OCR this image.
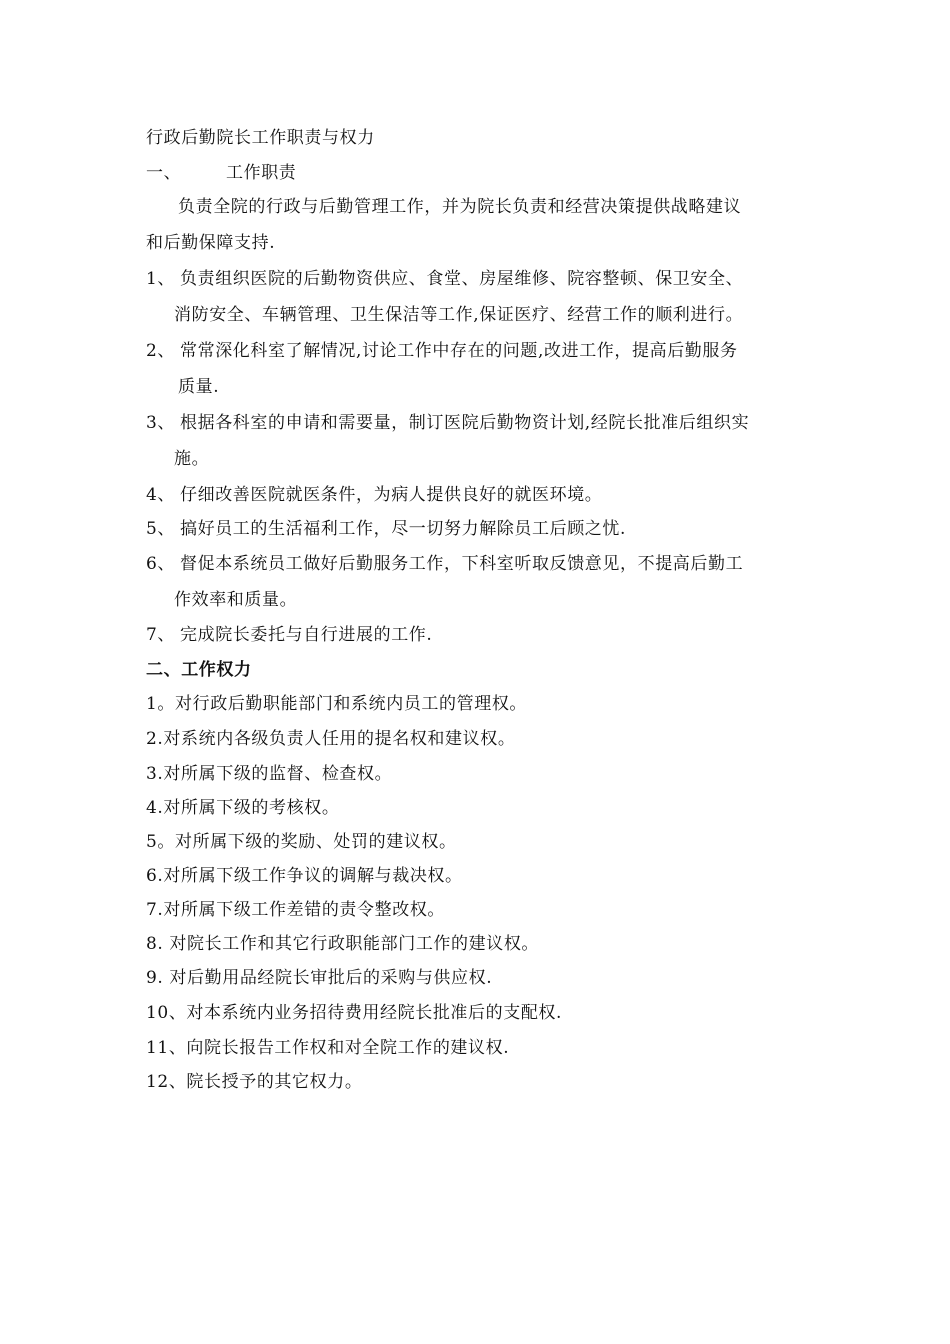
行政后勤院长工作职责与权力
一、	工作职责
负责全院的行政与后勤管理工作，并为院长负责和经营决策提供战略建议
和后勤保障支持.
1、 负责组织医院的后勤物资供应、食堂、房屋维修、院容整顿、保卫安全、
消防安全、车辆管理、卫生保洁等工作,保证医疗、经营工作的顺利进行。
2、 常常深化科室了解情况,讨论工作中存在的问题,改进工作，提高后勤服务
质量.
3、 根据各科室的申请和需要量，制订医院后勤物资计划,经院长批准后组织实
施。
4、 仔细改善医院就医条件，为病人提供良好的就医环境。
5、 搞好员工的生活福利工作，尽一切努力解除员工后顾之忧.
6、 督促本系统员工做好后勤服务工作，下科室听取反馈意见，不提高后勤工
作效率和质量。
7、 完成院长委托与自行进展的工作.
二、工作权力
1。对行政后勤职能部门和系统内员工的管理权。
2.对系统内各级负责人任用的提名权和建议权。
3.对所属下级的监督、检查权。
4.对所属下级的考核权。
5。对所属下级的奖励、处罚的建议权。
6.对所属下级工作争议的调解与裁决权。
7.对所属下级工作差错的责令整改权。
8. 对院长工作和其它行政职能部门工作的建议权。
9. 对后勤用品经院长审批后的采购与供应权.
10、对本系统内业务招待费用经院长批准后的支配权.
11、向院长报告工作权和对全院工作的建议权.
12、院长授予的其它权力。
